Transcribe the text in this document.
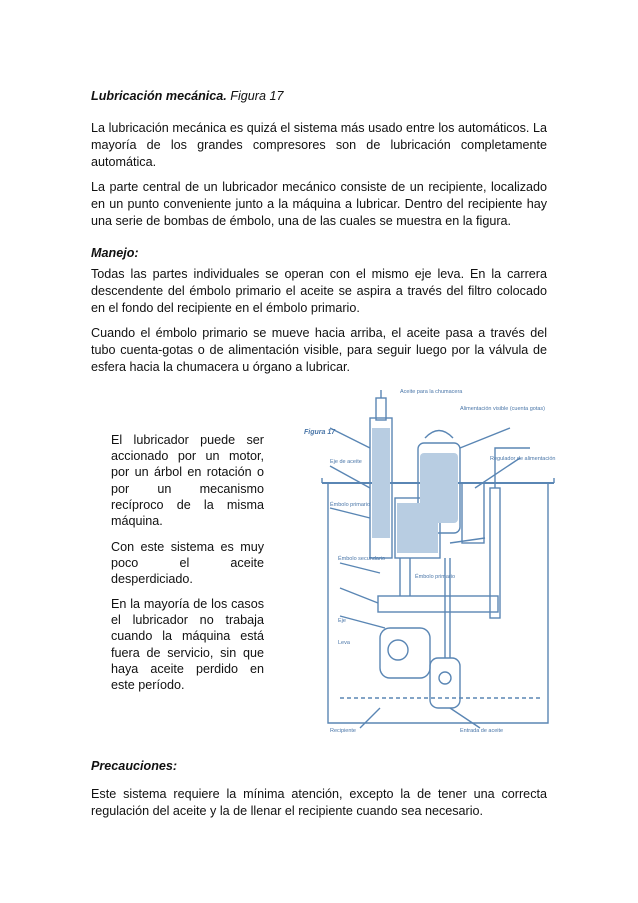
Lubricación mecánica. Figura 17
La lubricación mecánica es quizá el sistema más usado entre los automáticos. La mayoría de los grandes compresores son de lubricación completamente automática.
La parte central de un lubricador mecánico consiste de un recipiente, localizado en un punto conveniente junto a la máquina a lubricar. Dentro del recipiente hay una serie de bombas de émbolo, una de las cuales se muestra en la figura.
Manejo:
Todas las partes individuales se operan con el mismo eje leva. En la carrera descendente del émbolo primario el aceite se aspira a través del filtro colocado en el fondo del recipiente en el émbolo primario.
Cuando el émbolo primario se mueve hacia arriba, el aceite pasa a través del tubo cuenta-gotas o de alimentación visible, para seguir luego por la válvula de esfera hacia la chumacera u órgano a lubricar.
El lubricador puede ser accionado por un motor, por un árbol en rotación o por un mecanismo recíproco de la misma máquina.
Con este sistema es muy poco el aceite desperdiciado.
En la mayoría de los casos el lubricador no trabaja cuando la máquina está fuera de servicio, sin que haya aceite perdido en este período.
Figura 17
Aceite para la chumacera
Alimentación visible (cuenta gotas)
Regulador de alimentación
Eje de aceite
Émbolo primario
Émbolo secundario
Émbolo primario
Eje
Leva
Recipiente	Entrada de aceite
Precauciones:
Este sistema requiere la mínima atención, excepto la de tener una correcta regulación del aceite y la de llenar el recipiente cuando sea necesario.
